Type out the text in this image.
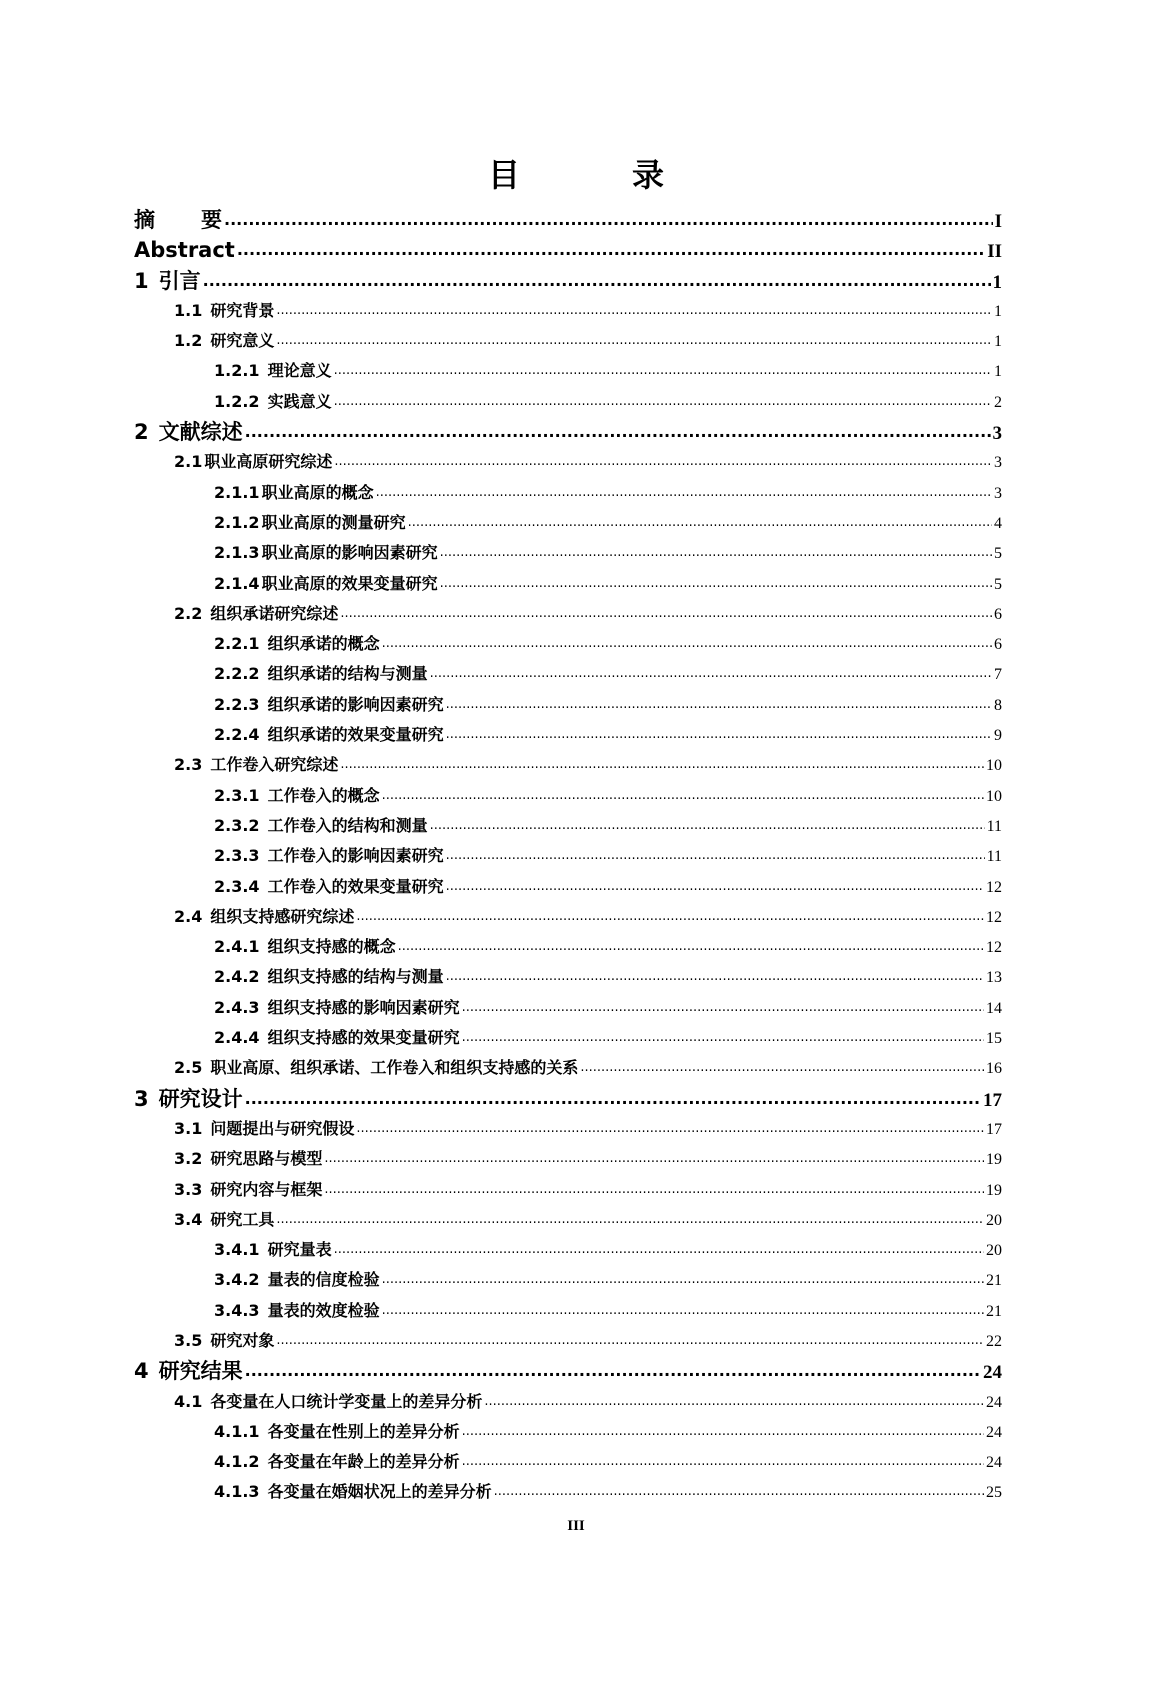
目	录
摘 要 .....	I
Abstract .....	II
1 引言 .....	1
1.1 研究背景 .....	1
1.2 研究意义 .....	1
1.2.1 理论意义 .....	1
1.2.2 实践意义 .....	2
2 文献综述 .....	3
2.1 职业高原研究综述 .....	3
2.1.1 职业高原的概念 .....	3
2.1.2 职业高原的测量研究 .....	4
2.1.3 职业高原的影响因素研究 .....	5
2.1.4 职业高原的效果变量研究 .....	5
2.2 组织承诺研究综述 .....	6
2.2.1 组织承诺的概念 .....	6
2.2.2 组织承诺的结构与测量 .....	7
2.2.3 组织承诺的影响因素研究 .....	8
2.2.4 组织承诺的效果变量研究 .....	9
2.3 工作卷入研究综述 .....	10
2.3.1 工作卷入的概念 .....	10
2.3.2 工作卷入的结构和测量 .....	11
2.3.3 工作卷入的影响因素研究 .....	11
2.3.4 工作卷入的效果变量研究 .....	12
2.4 组织支持感研究综述 .....	12
2.4.1 组织支持感的概念 .....	12
2.4.2 组织支持感的结构与测量 .....	13
2.4.3 组织支持感的影响因素研究 .....	14
2.4.4 组织支持感的效果变量研究 .....	15
2.5 职业高原、组织承诺、工作卷入和组织支持感的关系 .....	16
3 研究设计 .....	17
3.1 问题提出与研究假设 .....	17
3.2 研究思路与模型 .....	19
3.3 研究内容与框架 .....	19
3.4 研究工具 .....	20
3.4.1 研究量表 .....	20
3.4.2 量表的信度检验 .....	21
3.4.3 量表的效度检验 .....	21
3.5 研究对象 .....	22
4 研究结果 .....	24
4.1 各变量在人口统计学变量上的差异分析 .....	24
4.1.1 各变量在性别上的差异分析 .....	24
4.1.2 各变量在年龄上的差异分析 .....	24
4.1.3 各变量在婚姻状况上的差异分析 .....	25
III
